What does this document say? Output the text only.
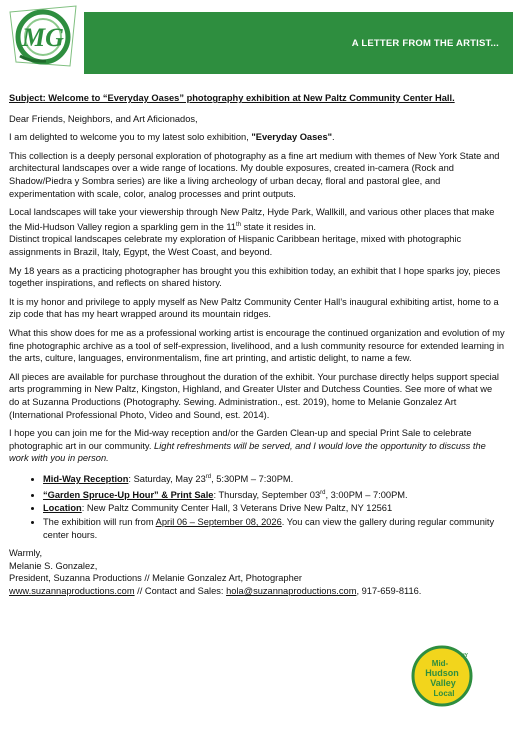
MG	A LETTER FROM THE ARTIST...

Subject: Welcome to “Everyday Oases” photography exhibition at New Paltz Community Center Hall.

Dear Friends, Neighbors, and Art Aficionados,

I am delighted to welcome you to my latest solo exhibition, "Everyday Oases".

This collection is a deeply personal exploration of photography as a fine art medium with themes of New York State and architectural landscapes over a wide range of locations. My double exposures, created in-camera (Rock and Shadow/Piedra y Sombra series) are like a living archeology of urban decay, floral and pastoral glee, and experimentation with scale, color, analog processes and print outputs.

Local landscapes will take your viewership through New Paltz, Hyde Park, Wallkill, and various other places that make the Mid-Hudson Valley region a sparkling gem in the 11th state it resides in.
Distinct tropical landscapes celebrate my exploration of Hispanic Caribbean heritage, mixed with photographic assignments in Brazil, Italy, Egypt, the West Coast, and beyond.

My 18 years as a practicing photographer has brought you this exhibition today, an exhibit that I hope sparks joy, pieces together inspirations, and reflects on shared history.

It is my honor and privilege to apply myself as New Paltz Community Center Hall’s inaugural exhibiting artist, home to a zip code that has my heart wrapped around its mountain ridges.

What this show does for me as a professional working artist is encourage the continued organization and evolution of my fine photographic archive as a tool of self-expression, livelihood, and a lush community resource for extended learning in the arts, culture, languages, environmentalism, fine art printing, and artistic delight, to name a few.

All pieces are available for purchase throughout the duration of the exhibit. Your purchase directly helps support special arts programming in New Paltz, Kingston, Highland, and Greater Ulster and Dutchess Counties. See more of what we do at Suzanna Productions (Photography. Sewing. Administration., est. 2019), home to Melanie Gonzalez Art (International Professional Photo, Video and Sound, est. 2014).

I hope you can join me for the Mid-way reception and/or the Garden Clean-up and special Print Sale to celebrate photographic art in our community. Light refreshments will be served, and I would love the opportunity to discuss the work with you in person.

• Mid-Way Reception: Saturday, May 23rd, 5:30PM – 7:30PM.
• “Garden Spruce-Up Hour” & Print Sale: Thursday, September 03rd, 3:00PM – 7:00PM.
• Location: New Paltz Community Center Hall, 3 Veterans Drive New Paltz, NY 12561
• The exhibition will run from April 06 – September 08, 2026. You can view the gallery during regular community center hours.

Warmly,

Melanie S. Gonzalez,

President, Suzanna Productions // Melanie Gonzalez Art, Photographer

www.suzannaproductions.com // Contact and Sales: hola@suzannaproductions.com, 917-659-8116.

NY
Mid-
Hudson
Valley
Local
